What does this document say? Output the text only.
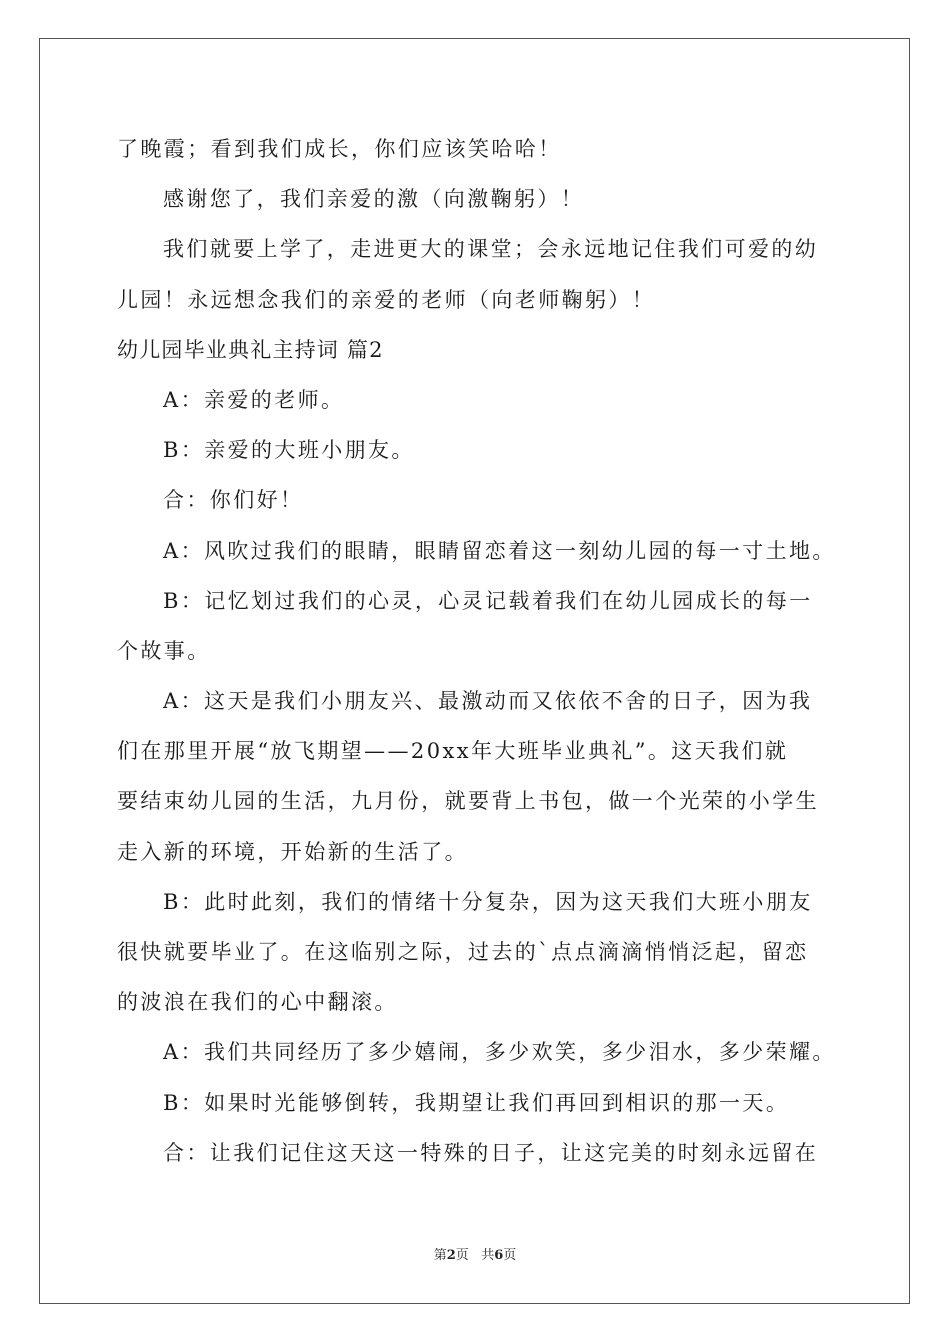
了晚霞；看到我们成长，你们应该笑哈哈！
感谢您了，我们亲爱的激（向激鞠躬）！
我们就要上学了，走进更大的课堂；会永远地记住我们可爱的幼
儿园！永远想念我们的亲爱的老师（向老师鞠躬）！
幼儿园毕业典礼主持词 篇2
A：亲爱的老师。
B：亲爱的大班小朋友。
合：你们好！
A：风吹过我们的眼睛，眼睛留恋着这一刻幼儿园的每一寸土地。
B：记忆划过我们的心灵，心灵记载着我们在幼儿园成长的每一
个故事。
A：这天是我们小朋友兴、最激动而又依依不舍的日子，因为我
们在那里开展“放飞期望——20xx年大班毕业典礼”。这天我们就
要结束幼儿园的生活，九月份，就要背上书包，做一个光荣的小学生
走入新的环境，开始新的生活了。
B：此时此刻，我们的情绪十分复杂，因为这天我们大班小朋友
很快就要毕业了。在这临别之际，过去的`点点滴滴悄悄泛起，留恋
的波浪在我们的心中翻滚。
A：我们共同经历了多少嬉闹，多少欢笑，多少泪水，多少荣耀。
B：如果时光能够倒转，我期望让我们再回到相识的那一天。
合：让我们记住这天这一特殊的日子，让这完美的时刻永远留在
第2页 共6页
